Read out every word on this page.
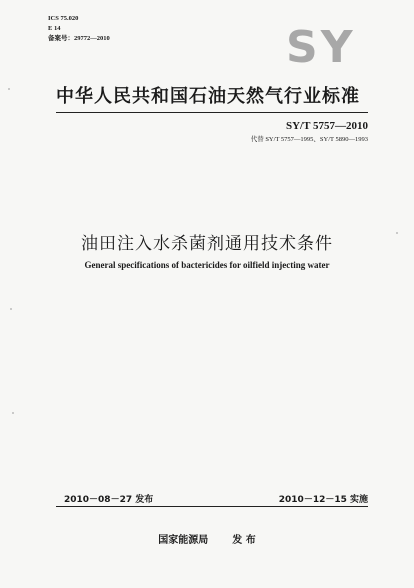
ICS 75.020
E 14
备案号：29772—2010	SY
中华人民共和国石油天然气行业标准
SY/T 5757—2010
代替 SY/T 5757—1995、SY/T 5890—1993
油田注入水杀菌剂通用技术条件
General specifications of bactericides for oilfield injecting water
2010－08－27 发布	2010－12－15 实施
国家能源局 发 布
